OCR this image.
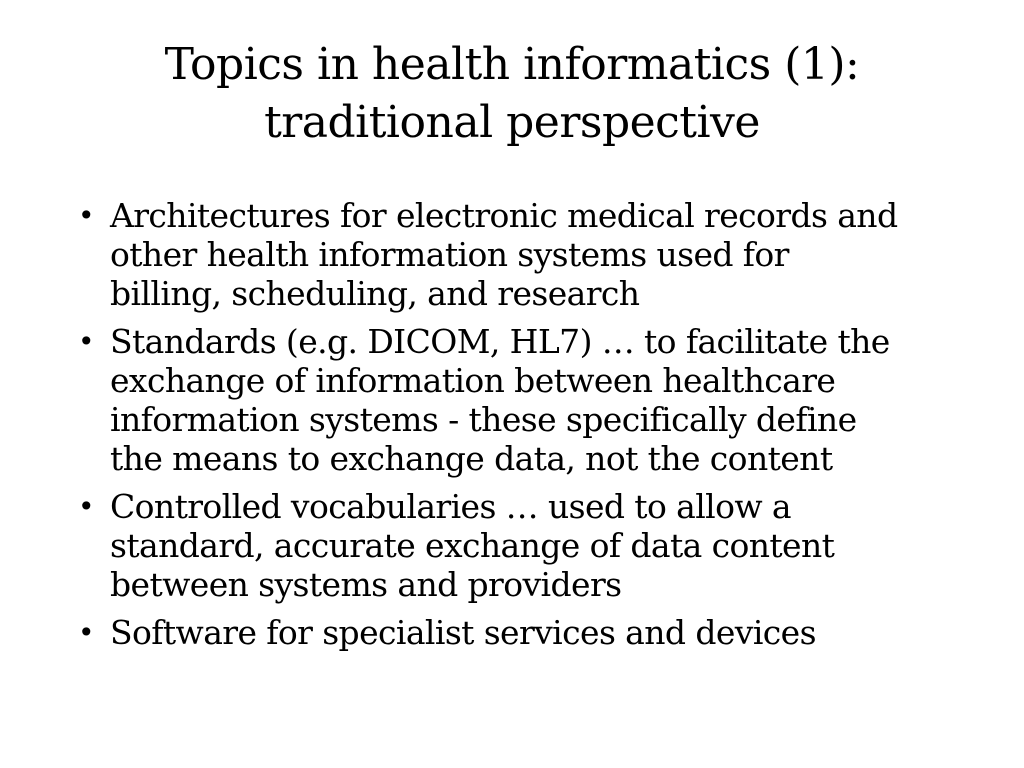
Topics in health informatics (1):
traditional perspective
• Architectures for electronic medical records and
other health information systems used for
billing, scheduling, and research
• Standards (e.g. DICOM, HL7) … to facilitate the
exchange of information between healthcare
information systems - these specifically define
the means to exchange data, not the content
• Controlled vocabularies … used to allow a
standard, accurate exchange of data content
between systems and providers
• Software for specialist services and devices
